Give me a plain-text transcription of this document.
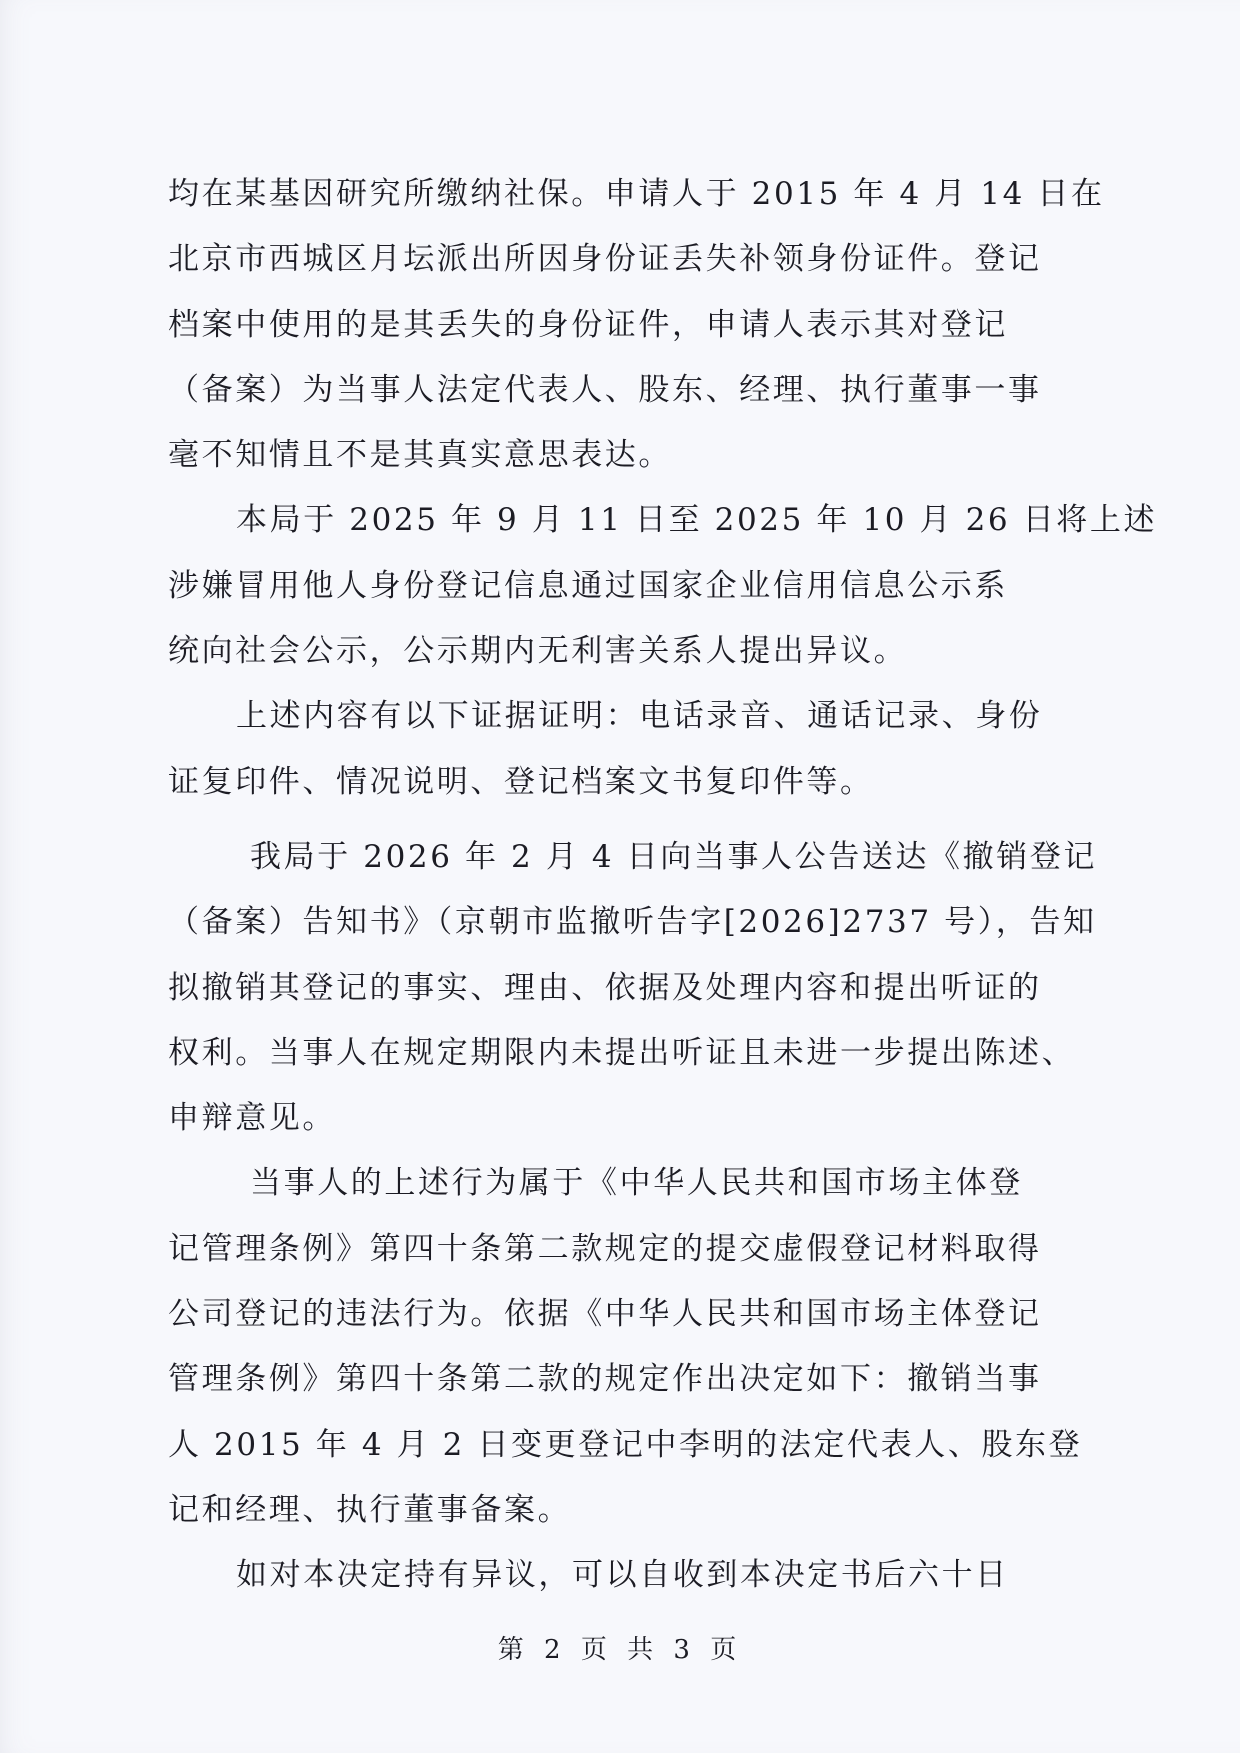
均在某基因研究所缴纳社保。申请人于 2015 年 4 月 14 日在
北京市西城区月坛派出所因身份证丢失补领身份证件。登记
档案中使用的是其丢失的身份证件，申请人表示其对登记
（备案）为当事人法定代表人、股东、经理、执行董事一事
毫不知情且不是其真实意思表达。
本局于 2025 年 9 月 11 日至 2025 年 10 月 26 日将上述
涉嫌冒用他人身份登记信息通过国家企业信用信息公示系
统向社会公示，公示期内无利害关系人提出异议。
上述内容有以下证据证明：电话录音、通话记录、身份
证复印件、情况说明、登记档案文书复印件等。
我局于 2026 年 2 月 4 日向当事人公告送达《撤销登记
（备案）告知书》（京朝市监撤听告字[2026]2737 号），告知
拟撤销其登记的事实、理由、依据及处理内容和提出听证的
权利。当事人在规定期限内未提出听证且未进一步提出陈述、
申辩意见。
当事人的上述行为属于《中华人民共和国市场主体登
记管理条例》第四十条第二款规定的提交虚假登记材料取得
公司登记的违法行为。依据《中华人民共和国市场主体登记
管理条例》第四十条第二款的规定作出决定如下：撤销当事
人 2015 年 4 月 2 日变更登记中李明的法定代表人、股东登
记和经理、执行董事备案。
如对本决定持有异议，可以自收到本决定书后六十日
第 2 页 共 3 页
